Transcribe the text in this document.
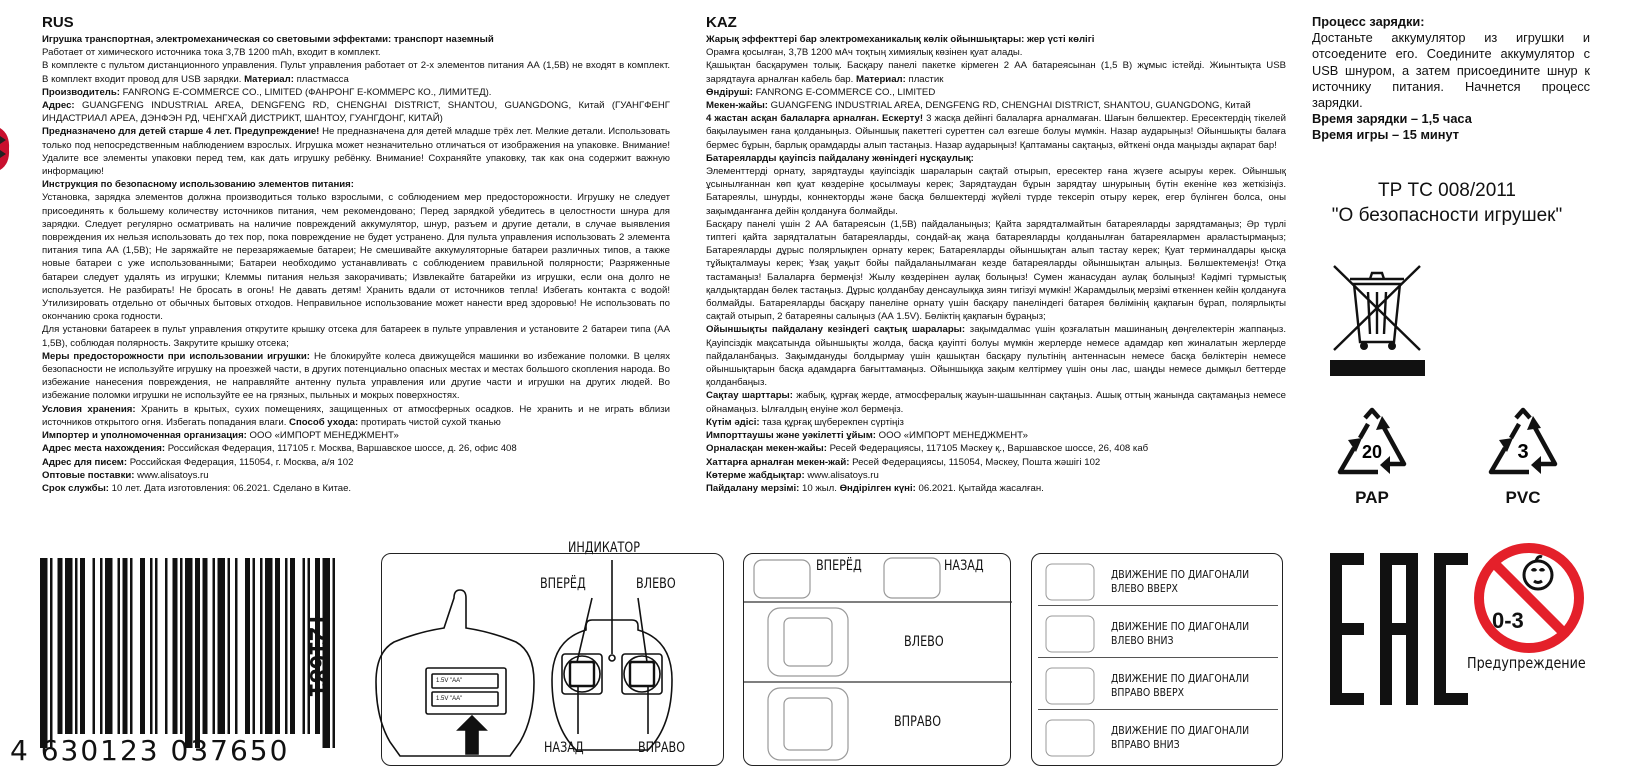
RUS

Игрушка транспортная, электромеханическая со световыми эффектами: транспорт наземный

Работает от химического источника тока 3,7В 1200 mAh, входит в комплект.

В комплекте с пультом дистанционного управления. Пульт управления работает от 2-х элементов питания АА (1,5В) не входят в комплект. В комплект входит провод для USB зарядки. Материал: пластмасса

Производитель: FANRONG E-COMMERCE CO., LIMITED (ФАНРОНГ Е-КОММЕРС КО., ЛИМИТЕД).

Адрес: GUANGFENG INDUSTRIAL AREA, DENGFENG RD, CHENGHAI DISTRICT, SHANTOU, GUANGDONG, Китай (ГУАНГФЕНГ ИНДАСТРИАЛ АРЕА, ДЭНФЭН РД, ЧЕНГХАЙ ДИСТРИКТ, ШАНТОУ, ГУАНГДОНГ, КИТАЙ)

Предназначено для детей старше 4 лет. Предупреждение! Не предназначена для детей младше трёх лет. Мелкие детали. Использовать только под непосредственным наблюдением взрослых. Игрушка может незначительно отличаться от изображения на упаковке. Внимание! Удалите все элементы упаковки перед тем, как дать игрушку ребёнку. Внимание! Сохраняйте упаковку, так как она содержит важную информацию!

Инструкция по безопасному использованию элементов питания:

Установка, зарядка элементов должна производиться только взрослыми, с соблюдением мер предосторожности. Игрушку не следует присоединять к большему количеству источников питания, чем рекомендовано; Перед зарядкой убедитесь в целостности шнура для зарядки. Следует регулярно осматривать на наличие повреждений аккумулятор, шнур, разъем и другие детали, в случае выявления повреждения их нельзя использовать до тех пор, пока повреждение не будет устранено. Для пульта управления использовать 2 элемента питания типа АА (1,5В); Не заряжайте не перезаряжаемые батареи; Не смешивайте аккумуляторные батареи различных типов, а также новые батареи с уже использованными; Батареи необходимо устанавливать с соблюдением правильной полярности; Разряженные батареи следует удалять из игрушки; Клеммы питания нельзя закорачивать; Извлекайте батарейки из игрушки, если она долго не используется. Не разбирать! Не бросать в огонь! Не давать детям! Хранить вдали от источников тепла! Избегать контакта с водой! Утилизировать отдельно от обычных бытовых отходов. Неправильное использование может нанести вред здоровью! Не использовать по окончанию срока годности.

Для установки батареек в пульт управления открутите крышку отсека для батареек в пульте управления и установите 2 батареи типа (АА 1,5В), соблюдая полярность. Закрутите крышку отсека;

Меры предосторожности при использовании игрушки: Не блокируйте колеса движущейся машинки во избежание поломки. В целях безопасности не используйте игрушку на проезжей части, в других потенциально опасных местах и местах большого скопления народа. Во избежание нанесения повреждения, не направляйте антенну пульта управления или другие части и игрушки на других людей. Во избежание поломки игрушки не используйте ее на грязных, пыльных и мокрых поверхностях.

Условия хранения: Хранить в крытых, сухих помещениях, защищенных от атмосферных осадков. Не хранить и не играть вблизи источников открытого огня. Избегать попадания влаги. Способ ухода: протирать чистой сухой тканью

Импортер и уполномоченная организация: ООО «ИМПОРТ МЕНЕДЖМЕНТ»

Адрес места нахождения: Российская Федерация, 117105 г. Москва, Варшавское шоссе, д. 26, офис 408

Адрес для писем: Российская Федерация, 115054, г. Москва, а/я 102

Оптовые поставки: www.alisatoys.ru

Срок службы: 10 лет. Дата изготовления: 06.2021. Сделано в Китае.

KAZ

Жарық эффекттері бар электромеханикалық көлік ойыншықтары: жер үсті көлігі

Орамға қосылған, 3,7В 1200 мАч тоқтың химиялық көзінен қуат алады.

Қашықтан басқарумен толық. Басқару панелі пакетке кірмеген 2 АА батареясынан (1,5 В) жұмыс істейді. Жиынтықта USB зарядтауға арналған кабель бар. Материал: пластик

Өндіруші: FANRONG E-COMMERCE CO., LIMITED

Мекен-жайы: GUANGFENG INDUSTRIAL AREA, DENGFENG RD, CHENGHAI DISTRICT, SHANTOU, GUANGDONG, Китай

4 жастан асқан балаларға арналған. Ескерту! 3 жасқа дейінгі балаларға арналмаған. Шағын бөлшектер. Ересектердің тікелей бақылауымен ғана қолданыңыз. Ойыншық пакеттегі суреттен сәл өзгеше болуы мүмкін. Назар аударыңыз! Ойыншықты балаға бермес бұрын, барлық орамдарды алып тастаңыз. Назар аударыңыз! Қаптаманы сақтаңыз, өйткені онда маңызды ақпарат бар!

Батареяларды қауіпсіз пайдалану жөніндегі нұсқаулық:

Элементтерді орнату, зарядтауды қауіпсіздік шараларын сақтай отырып, ересектер ғана жүзеге асыруы керек. Ойыншық ұсынылғаннан көп қуат көздеріне қосылмауы керек; Зарядтаудан бұрын зарядтау шнурының бүтін екеніне көз жеткізіңіз. Батареялы, шнурды, коннекторды және басқа бөлшектерді жүйелі түрде тексеріп отыру керек, егер бүлінген болса, оны зақымданғанға дейін қолдануға болмайды.

Басқару панелі үшін 2 АА батареясын (1,5В) пайдаланыңыз; Қайта зарядталмайтын батареяларды зарядтамаңыз; Әр түрлі типтегі қайта зарядталатын батареяларды, сондай-ақ жаңа батареяларды қолданылған батареялармен араластырмаңыз; Батареяларды дұрыс полярлықпен орнату керек; Батареяларды ойыншықтан алып тастау керек; Қуат терминалдары қысқа тұйықталмауы керек; Ұзақ уақыт бойы пайдаланылмаған кезде батареяларды ойыншықтан алыңыз. Бөлшектемеңіз! Отқа тастамаңыз! Балаларға бермеңіз! Жылу көздерінен аулақ болыңыз! Сумен жанасудан аулақ болыңыз! Кәдімгі тұрмыстық қалдықтардан бөлек тастаңыз. Дұрыс қолданбау денсаулыққа зиян тигізуі мүмкін! Жарамдылық мерзімі өткеннен кейін қолдануға болмайды. Батареяларды басқару панеліне орнату үшін басқару панеліндегі батарея бөлімінің қақпағын бұрап, полярлықты сақтай отырып, 2 батареяны салыңыз (АА 1.5V). Бөліктің қақпағын бұраңыз;

Ойыншықты пайдалану кезіндегі сақтық шаралары: зақымдалмас үшін қозғалатын машинаның дөңгелектерін жаппаңыз. Қауіпсіздік мақсатында ойыншықты жолда, басқа қауіпті болуы мүмкін жерлерде немесе адамдар көп жиналатын жерлерде пайдаланбаңыз. Зақымдануды болдырмау үшін қашықтан басқару пультінің антеннасын немесе басқа бөліктерін немесе ойыншықтарын басқа адамдарға бағыттамаңыз. Ойыншыққа зақым келтірмеу үшін оны лас, шаңды немесе дымқыл беттерде қолданбаңыз.

Сақтау шарттары: жабық, құрғақ жерде, атмосфералық жауын-шашыннан сақтаңыз. Ашық оттың жанында сақтамаңыз немесе ойнамаңыз. Ылғалдың енуіне жол бермеңіз.

Күтім әдісі: таза құрғақ шүберекпен сүртіңіз

Импорттаушы және уәкілетті ұйым: ООО «ИМПОРТ МЕНЕДЖМЕНТ»

Орналасқан мекен-жайы: Ресей Федерациясы, 117105 Мәскеу қ., Варшавское шоссе, 26, 408 каб

Хаттарға арналған мекен-жай: Ресей Федерациясы, 115054, Мәскеу, Пошта жәшігі 102

Көтерме жабдықтар: www.alisatoys.ru

Пайдалану мерзімі: 10 жыл. Өндірілген күні: 06.2021. Қытайда жасалған.

Процесс зарядки:

Достаньте аккумулятор из игрушки и отсоедените его. Соедините аккумулятор с USB шнуром, а затем присоедините шнур к источнику питания. Начнется процесс зарядки.

Время зарядки – 1,5 часа

Время игры – 15 минут

ТР ТС 008/2011
"О безопасности игрушек"
20
PAP
3
PVC
0-3
Предупреждение
4 630123 037650
T21681
ИНДИКАТОР
ВПЕРЁД	ВЛЕВО
НАЗАД	ВПРАВО
1.5V "AA"
1.5V "AA"
ВПЕРЁД	НАЗАД
ВЛЕВО
ВПРАВО
ДВИЖЕНИЕ ПО ДИАГОНАЛИ
ВЛЕВО ВВЕРХ
ДВИЖЕНИЕ ПО ДИАГОНАЛИ
ВЛЕВО ВНИЗ
ДВИЖЕНИЕ ПО ДИАГОНАЛИ
ВПРАВО ВВЕРХ
ДВИЖЕНИЕ ПО ДИАГОНАЛИ
ВПРАВО ВНИЗ
